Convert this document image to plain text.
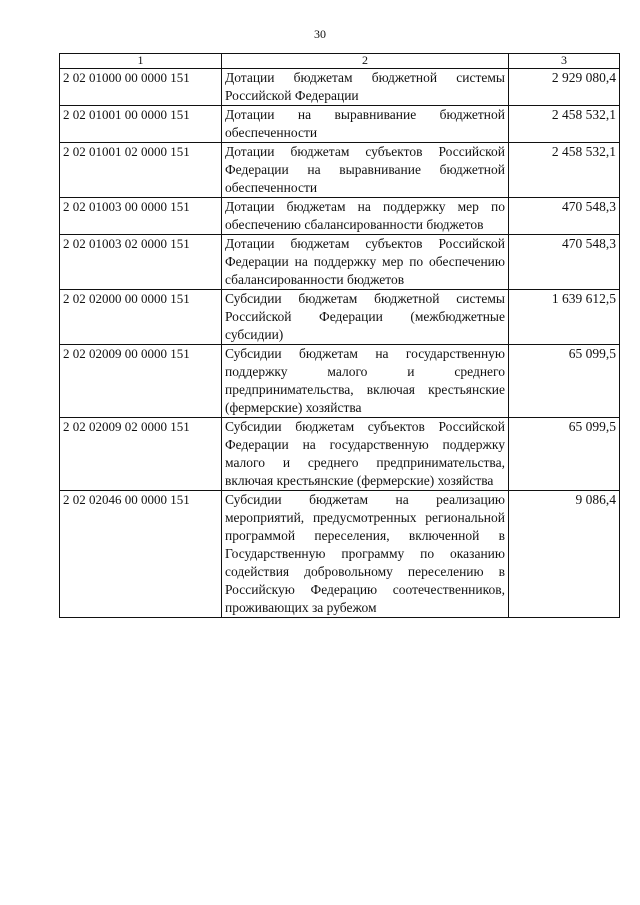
30
1	2	3
2 02 01000 00 0000 151	Дотации бюджетам бюджетной системы Российской Федерации	2 929 080,4
2 02 01001 00 0000 151	Дотации на выравнивание бюджетной обеспеченности	2 458 532,1
2 02 01001 02 0000 151	Дотации бюджетам субъектов Российской Федерации на выравнивание бюджетной обеспеченности	2 458 532,1
2 02 01003 00 0000 151	Дотации бюджетам на поддержку мер по обеспечению сбалансированности бюджетов	470 548,3
2 02 01003 02 0000 151	Дотации бюджетам субъектов Российской Федерации на поддержку мер по обеспечению сбалансированности бюджетов	470 548,3
2 02 02000 00 0000 151	Субсидии бюджетам бюджетной системы Российской Федерации (межбюджетные субсидии)	1 639 612,5
2 02 02009 00 0000 151	Субсидии бюджетам на государственную поддержку малого и среднего предпринимательства, включая крестьянские (фермерские) хозяйства	65 099,5
2 02 02009 02 0000 151	Субсидии бюджетам субъектов Российской Федерации на государственную поддержку малого и среднего предпринимательства, включая крестьянские (фермерские) хозяйства	65 099,5
2 02 02046 00 0000 151	Субсидии бюджетам на реализацию мероприятий, предусмотренных региональной программой переселения, включенной в Государственную программу по оказанию содействия добровольному переселению в Российскую Федерацию соотечественников, проживающих за рубежом	9 086,4
